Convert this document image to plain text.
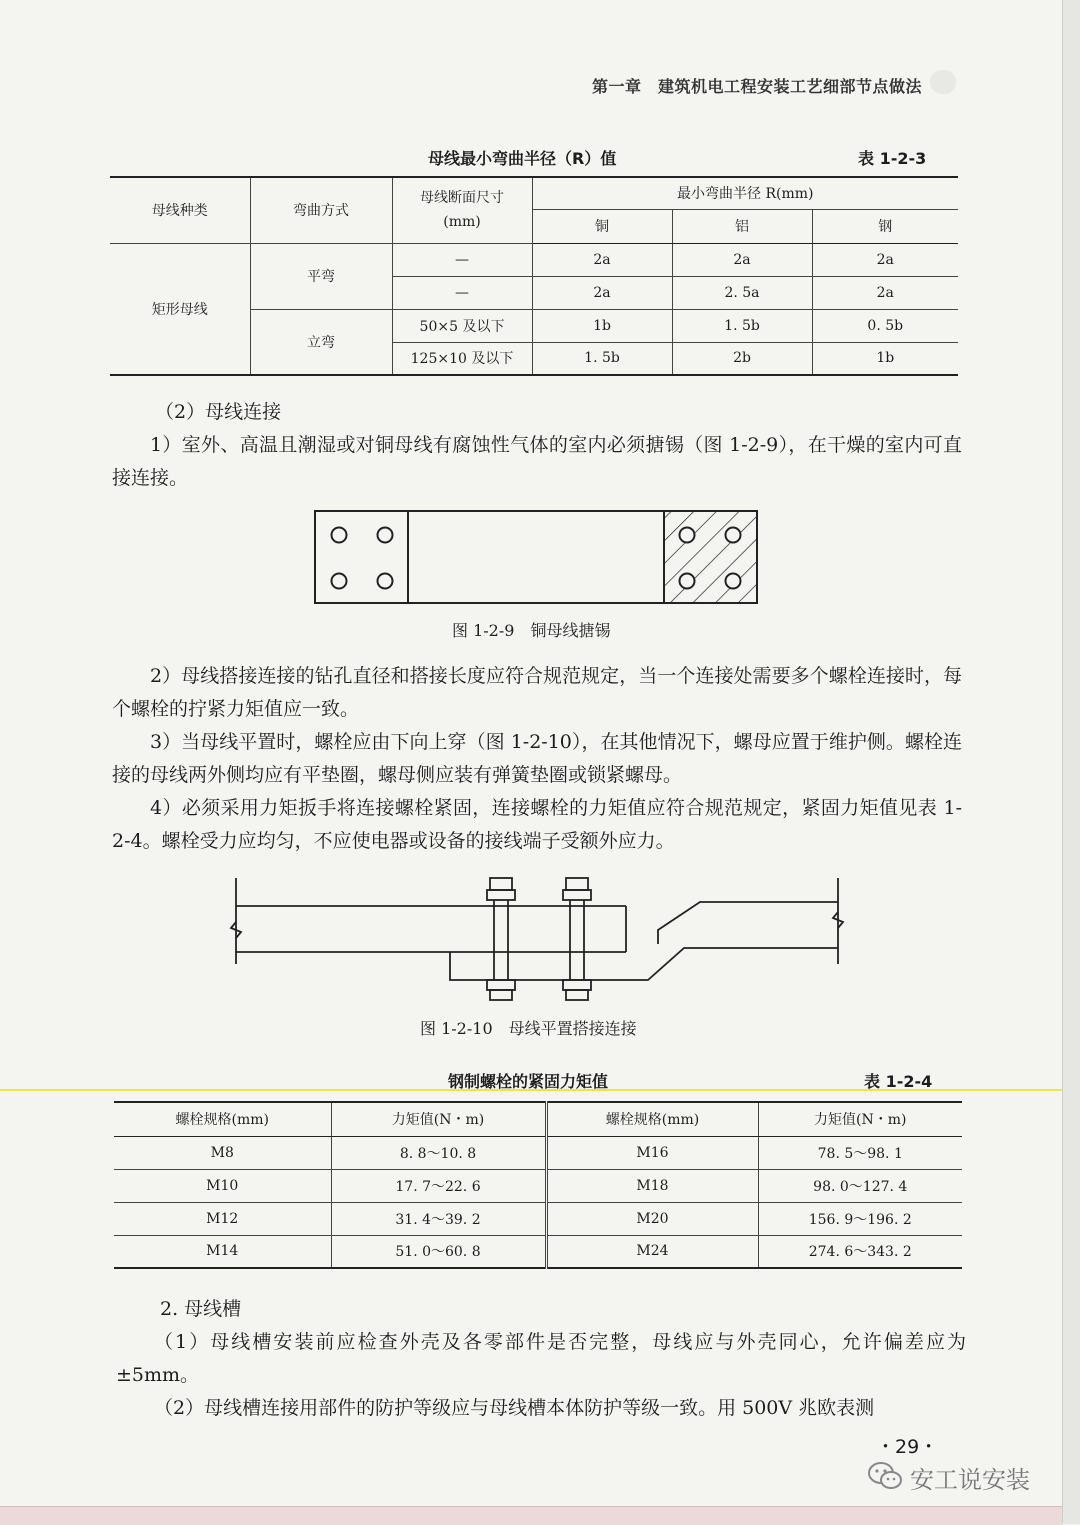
第一章　建筑机电工程安装工艺细部节点做法
母线最小弯曲半径（R）值	表 1-2-3
母线种类	弯曲方式	母线断面尺寸
(mm)	最小弯曲半径 R(mm)		
			铜	铝	钢
矩形母线	平弯	—	2a	2a	2a
		—	2a	2. 5a	2a
	立弯	50×5 及以下	1b	1. 5b	0. 5b
		125×10 及以下	1. 5b	2b	1b
（2）母线连接
1）室外、高温且潮湿或对铜母线有腐蚀性气体的室内必须搪锡（图 1-2-9），在干燥的室内可直接连接。
图 1-2-9　铜母线搪锡
2）母线搭接连接的钻孔直径和搭接长度应符合规范规定，当一个连接处需要多个螺栓连接时，每个螺栓的拧紧力矩值应一致。
3）当母线平置时，螺栓应由下向上穿（图 1-2-10），在其他情况下，螺母应置于维护侧。螺栓连接的母线两外侧均应有平垫圈，螺母侧应装有弹簧垫圈或锁紧螺母。
4）必须采用力矩扳手将连接螺栓紧固，连接螺栓的力矩值应符合规范规定，紧固力矩值见表 1-2-4。螺栓受力应均匀，不应使电器或设备的接线端子受额外应力。
图 1-2-10　母线平置搭接连接
钢制螺栓的紧固力矩值	表 1-2-4
螺栓规格(mm)	力矩值(N・m)	螺栓规格(mm)	力矩值(N・m)
M8	8. 8～10. 8	M16	78. 5～98. 1
M10	17. 7～22. 6	M18	98. 0～127. 4
M12	31. 4～39. 2	M20	156. 9～196. 2
M14	51. 0～60. 8	M24	274. 6～343. 2
2. 母线槽
（1）母线槽安装前应检查外壳及各零部件是否完整，母线应与外壳同心，允许偏差应为±5mm。
（2）母线槽连接用部件的防护等级应与母线槽本体防护等级一致。用 500V 兆欧表测
・29・
安工说安装
